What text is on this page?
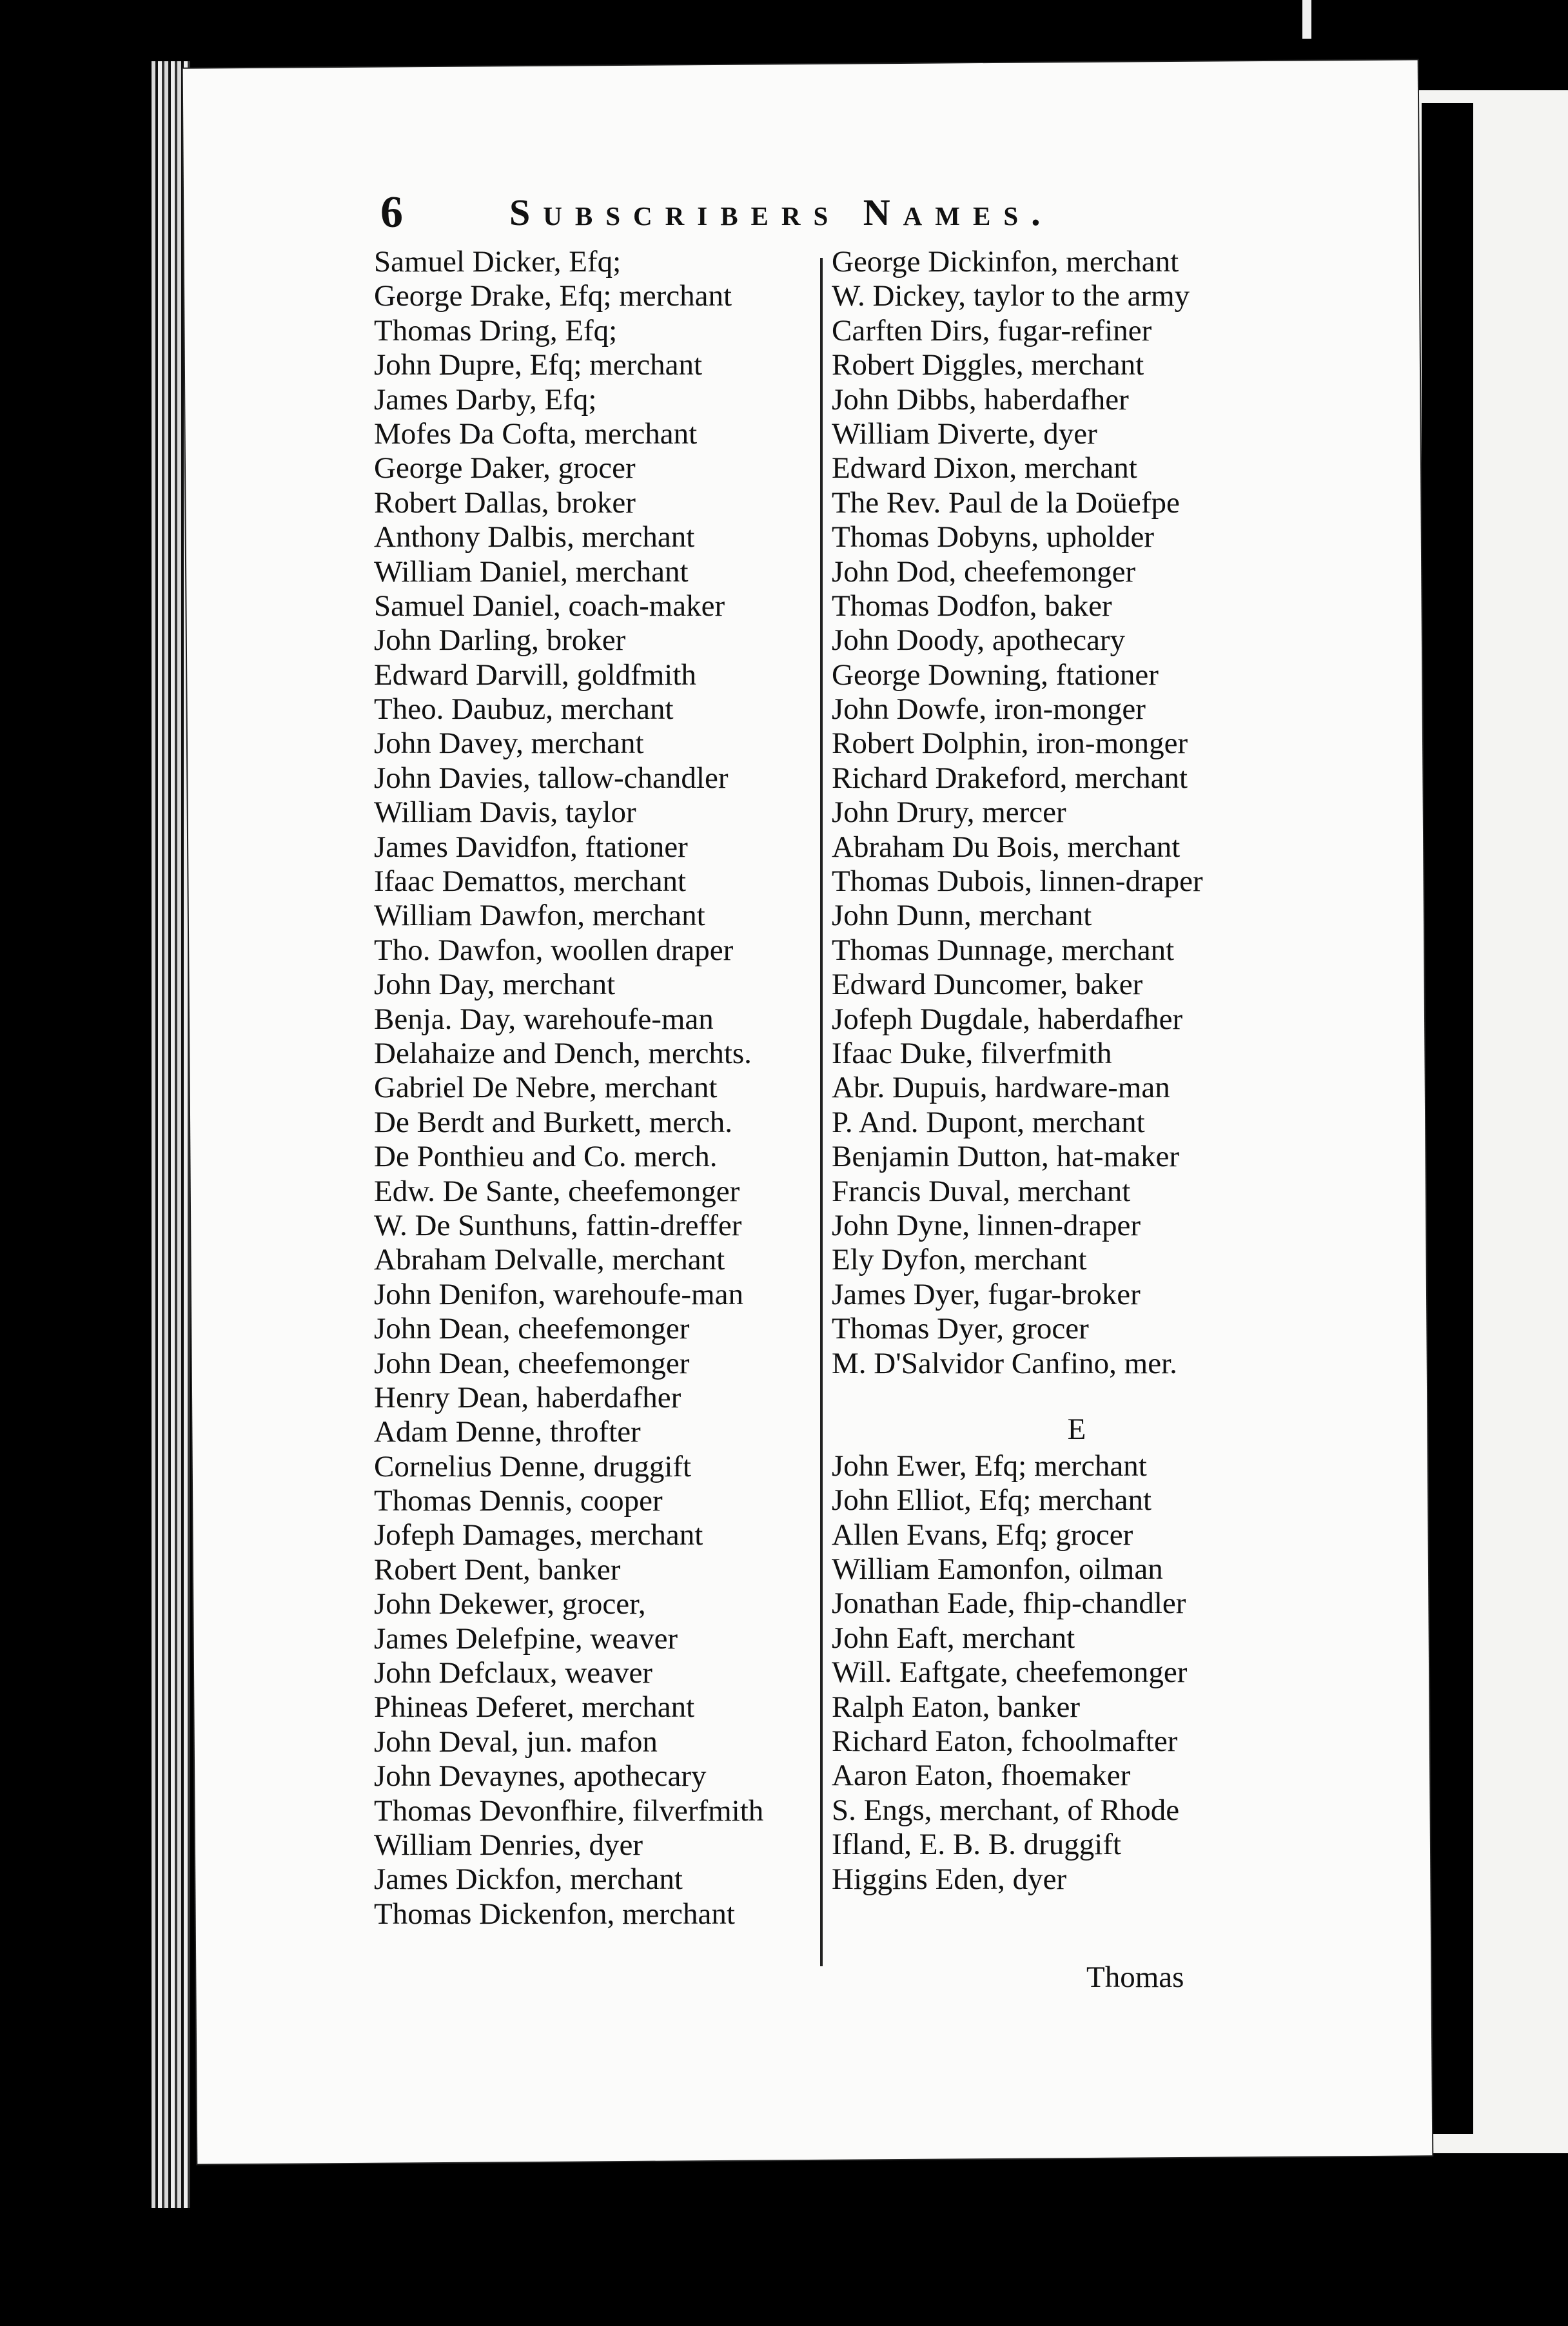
6	Subscribers Names.
Samuel Dicker, Efq;
George Drake, Efq; merchant
Thomas Dring, Efq;
John Dupre, Efq; merchant
James Darby, Efq;
Mofes Da Cofta, merchant
George Daker, grocer
Robert Dallas, broker
Anthony Dalbis, merchant
William Daniel, merchant
Samuel Daniel, coach-maker
John Darling, broker
Edward Darvill, goldfmith
Theo. Daubuz, merchant
John Davey, merchant
John Davies, tallow-chandler
William Davis, taylor
James Davidfon, ftationer
Ifaac Demattos, merchant
William Dawfon, merchant
Tho. Dawfon, woollen draper
John Day, merchant
Benja. Day, warehoufe-man
Delahaize and Dench, merchts.
Gabriel De Nebre, merchant
De Berdt and Burkett, merch.
De Ponthieu and Co. merch.
Edw. De Sante, cheefemonger
W. De Sunthuns, fattin-dreffer
Abraham Delvalle, merchant
John Denifon, warehoufe-man
John Dean, cheefemonger
John Dean, cheefemonger
Henry Dean, haberdafher
Adam Denne, throfter
Cornelius Denne, druggift
Thomas Dennis, cooper
Jofeph Damages, merchant
Robert Dent, banker
John Dekewer, grocer,
James Delefpine, weaver
John Defclaux, weaver
Phineas Deferet, merchant
John Deval, jun. mafon
John Devaynes, apothecary
Thomas Devonfhire, filverfmith
William Denries, dyer
James Dickfon, merchant
Thomas Dickenfon, merchant
George Dickinfon, merchant
W. Dickey, taylor to the army
Carften Dirs, fugar-refiner
Robert Diggles, merchant
John Dibbs, haberdafher
William Diverte, dyer
Edward Dixon, merchant
The Rev. Paul de la Doüefpe
Thomas Dobyns, upholder
John Dod, cheefemonger
Thomas Dodfon, baker
John Doody, apothecary
George Downing, ftationer
John Dowfe, iron-monger
Robert Dolphin, iron-monger
Richard Drakeford, merchant
John Drury, mercer
Abraham Du Bois, merchant
Thomas Dubois, linnen-draper
John Dunn, merchant
Thomas Dunnage, merchant
Edward Duncomer, baker
Jofeph Dugdale, haberdafher
Ifaac Duke, filverfmith
Abr. Dupuis, hardware-man
P. And. Dupont, merchant
Benjamin Dutton, hat-maker
Francis Duval, merchant
John Dyne, linnen-draper
Ely Dyfon, merchant
James Dyer, fugar-broker
Thomas Dyer, grocer
M. D'Salvidor Canfino, mer.
E
John Ewer, Efq; merchant
John Elliot, Efq; merchant
Allen Evans, Efq; grocer
William Eamonfon, oilman
Jonathan Eade, fhip-chandler
John Eaft, merchant
Will. Eaftgate, cheefemonger
Ralph Eaton, banker
Richard Eaton, fchoolmafter
Aaron Eaton, fhoemaker
S. Engs, merchant, of Rhode
Ifland, E. B. B. druggift
Higgins Eden, dyer
Thomas
